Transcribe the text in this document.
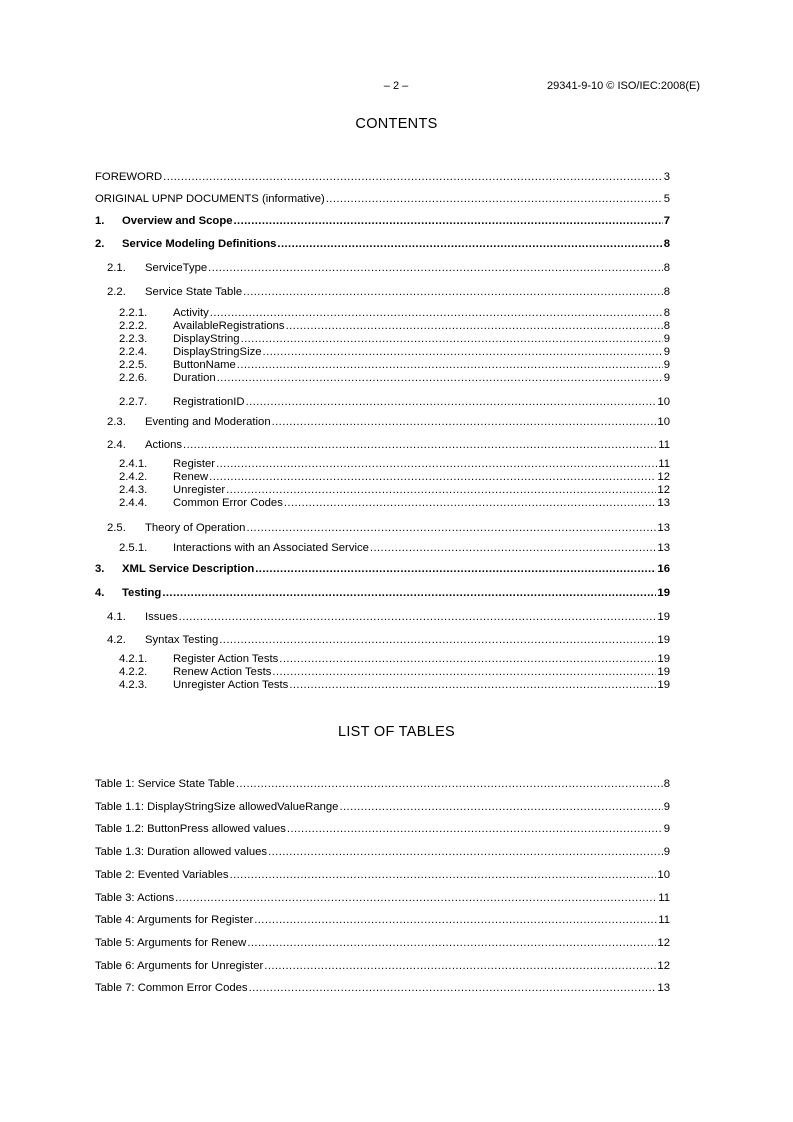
– 2 –	29341-9-10 © ISO/IEC:2008(E)
CONTENTS
FOREWORD .....	3
ORIGINAL UPNP DOCUMENTS (informative) .....	5
1.	Overview and Scope .....	7
2.	Service Modeling Definitions .....	8
2.1.	ServiceType .....	8
2.2.	Service State Table .....	8
2.2.1.	Activity .....	8
2.2.2.	AvailableRegistrations .....	8
2.2.3.	DisplayString .....	9
2.2.4.	DisplayStringSize .....	9
2.2.5.	ButtonName .....	9
2.2.6.	Duration .....	9
2.2.7.	RegistrationID .....	10
2.3.	Eventing and Moderation .....	10
2.4.	Actions .....	11
2.4.1.	Register .....	11
2.4.2.	Renew .....	12
2.4.3.	Unregister .....	12
2.4.4.	Common Error Codes .....	13
2.5.	Theory of Operation .....	13
2.5.1.	Interactions with an Associated Service .....	13
3.	XML Service Description .....	16
4.	Testing .....	19
4.1.	Issues .....	19
4.2.	Syntax Testing .....	19
4.2.1.	Register Action Tests .....	19
4.2.2.	Renew Action Tests .....	19
4.2.3.	Unregister Action Tests .....	19
LIST OF TABLES
Table 1: Service State Table .....	8
Table 1.1: DisplayStringSize allowedValueRange .....	9
Table 1.2: ButtonPress allowed values .....	9
Table 1.3: Duration allowed values .....	9
Table 2: Evented Variables .....	10
Table 3: Actions .....	11
Table 4: Arguments for Register .....	11
Table 5: Arguments for Renew .....	12
Table 6: Arguments for Unregister .....	12
Table 7: Common Error Codes .....	13
